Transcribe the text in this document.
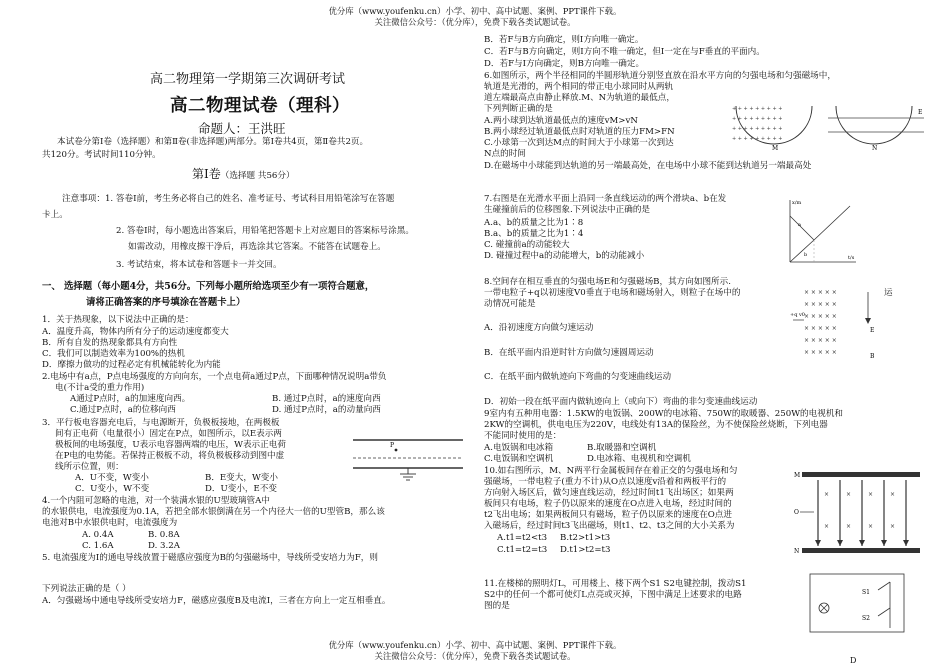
优分库（www.youfenku.cn）小学、初中、高中试题、案例、PPT课件下载。
关注微信公众号：（优分库），免费下载各类试题试卷。
高二物理第一学期第三次调研考试
高二物理试卷（理科）
命题人：王洪旺
本试卷分第Ⅰ卷（选择题）和第Ⅱ卷(非选择题)两部分。第Ⅰ卷共4页，第Ⅱ卷共2页。
共120分。考试时间110分钟。
第Ⅰ卷（选择题 共56分）
注意事项：1. 答卷Ⅰ前，考生务必将自己的姓名、准考证号、考试科目用铅笔涂写在答题
卡上。
2. 答卷Ⅰ时，每小题选出答案后，用铅笔把答题卡上对应题目的答案标号涂黑。
如需改动，用橡皮擦干净后，再选涂其它答案。不能答在试题卷上。
3. 考试结束，将本试卷和答题卡一并交回。
一、 选择题（每小题4分，共56分。下列每小题所给选项至少有一项符合题意，
请将正确答案的序号填涂在答题卡上）
1．关于热现象，以下说法中正确的是：
A．温度升高，物体内所有分子的运动速度都变大
B．所有自发的热现象都具有方向性
C．我们可以制造效率为100%的热机
D．摩擦力做功的过程必定有机械能转化为内能
2.电场中有a点，P点电场强度的方向向东，一个点电荷a通过P点，下面哪种情况说明a带负
电(不计a受的重力作用)
A通过P点时，a的加速度向西。	B. 通过P点时，a的速度向西
C.通过P点时，a的位移向西	D. 通过P点时，a的动量向西
3．平行板电容器充电后，与电源断开，负极板接地，在两极板
间有正电荷（电量很小）固定在P点，如图所示，以E表示两
极板间的电场强度，U表示电容器两端的电压，W表示正电荷
在P电的电势能。若保持正极板不动，将负极板移动到图中虚
线所示位置，则：
A．U不变，W变小	B．E变大，W变小
C．U变小，W不变	D．U变小，E不变
P
4.一个内阻可忽略的电池，对一个装满水银的U型玻璃管A中
的水银供电，电流强度为0.1A，若把全部水银倒满在另一个内径大一倍的U型管B，那么该
电池对B中水银供电时，电流强度为
A. 0.4A	B. 0.8A
C. 1.6A	D. 3.2A
5. 电流强度为I的通电导线放置于磁感应强度为B的匀强磁场中，导线所受安培力为F，则
下列说法正确的是（ ）
A．匀强磁场中通电导线所受安培力F，磁感应强度B及电流I，三者在方向上一定互相垂直。
B．若F与B方向确定，则I方向唯一确定。
C．若F与B方向确定，则I方向不唯一确定，但I一定在与F垂直的平面内。
D．若F与I方向确定，则B方向唯一确定。
6.如图所示，两个半径相同的半圆形轨道分别竖直放在沿水平方向的匀强电场和匀强磁场中，
轨道是光滑的，两个相同的带正电小球同时从两轨
道左端最高点由静止释放.M、N为轨道的最低点，
下列判断正确的是
A.两小球到达轨道最低点的速度vM>vN
B.两小球经过轨道最低点时对轨道的压力FM>FN
C.小球第一次到达M点的时间大于小球第一次到达
N点的时间
D.在磁场中小球能到达轨道的另一端最高处，在电场中小球不能到达轨道另一端最高处
+ + + + + + + + +
+ + + + + + + + +
+ + + + + + + + +
+ + + + + + + + +
M
E
N
7.右图是在光滑水平面上沿同一条直线运动的两个滑块a、b在发
生碰撞前后的位移图象.下列说法中正确的是
A.a、b的质量之比为1∶8
B.a、b的质量之比为1∶4
C. 碰撞前a的动能较大
D. 碰撞过程中a的动能增大，b的动能减小
x/m
t/s
a
b
8.空间存在相互垂直的匀强电场E和匀强磁场B，其方向如图所示.
一带电粒子+q以初速度V0垂直于电场和磁场射入，则粒子在场中的	运
动情况可能是
A．沿初速度方向做匀速运动
B．在纸平面内沿逆时针方向做匀速圆周运动
C．在纸平面内做轨迹向下弯曲的匀变速曲线运动
D．初始一段在纸平面内做轨迹向上（或向下）弯曲的非匀变速曲线运动
× × × × ×
× × × × ×
× × × × ×
× × × × ×
× × × × ×
× × × × ×
+q v0
E
B
9室内有五种用电器：1.5KW的电饭锅、200W的电冰箱、750W的取暖器、250W的电视机和
2KW的空调机，供电电压为220V，电线处有13A的保险丝，为不使保险丝烧断，下列电器
不能同时使用的是：
A.电饭锅和电冰箱	B.取暖器和空调机
C.电饭锅和空调机	D.电冰箱、电视机和空调机
10.如右图所示，M、N两平行金属板间存在着正交的匀强电场和匀
强磁场，一带电粒子(重力不计)从O点以速度v沿着和两板平行的
方向射入场区后，做匀速直线运动，经过时间t1飞出场区；如果两
板间只有电场，粒子仍以原来的速度在O点进入电场，经过时间的
t2飞出电场；如果两板间只有磁场，粒子仍以原来的速度在O点进
入磁场后，经过时间t3飞出磁场，则t1、t2、t3之间的大小关系为
A.t1=t2<t3 B.t2>t1>t3
C.t1=t2=t3 D.t1>t2=t3
M
N
×	×	×	×
×	×	×	×
O
11.在楼梯的照明灯L，可用楼上、楼下两个S1 S2电键控制，拨动S1
S2中的任何一个都可使灯L点亮或灭掉，下图中满足上述要求的电路
图的是
S1
S2
优分库（www.youfenku.cn）小学、初中、高中试题、案例、PPT课件下载。
关注微信公众号：（优分库），免费下载各类试题试卷。	D
